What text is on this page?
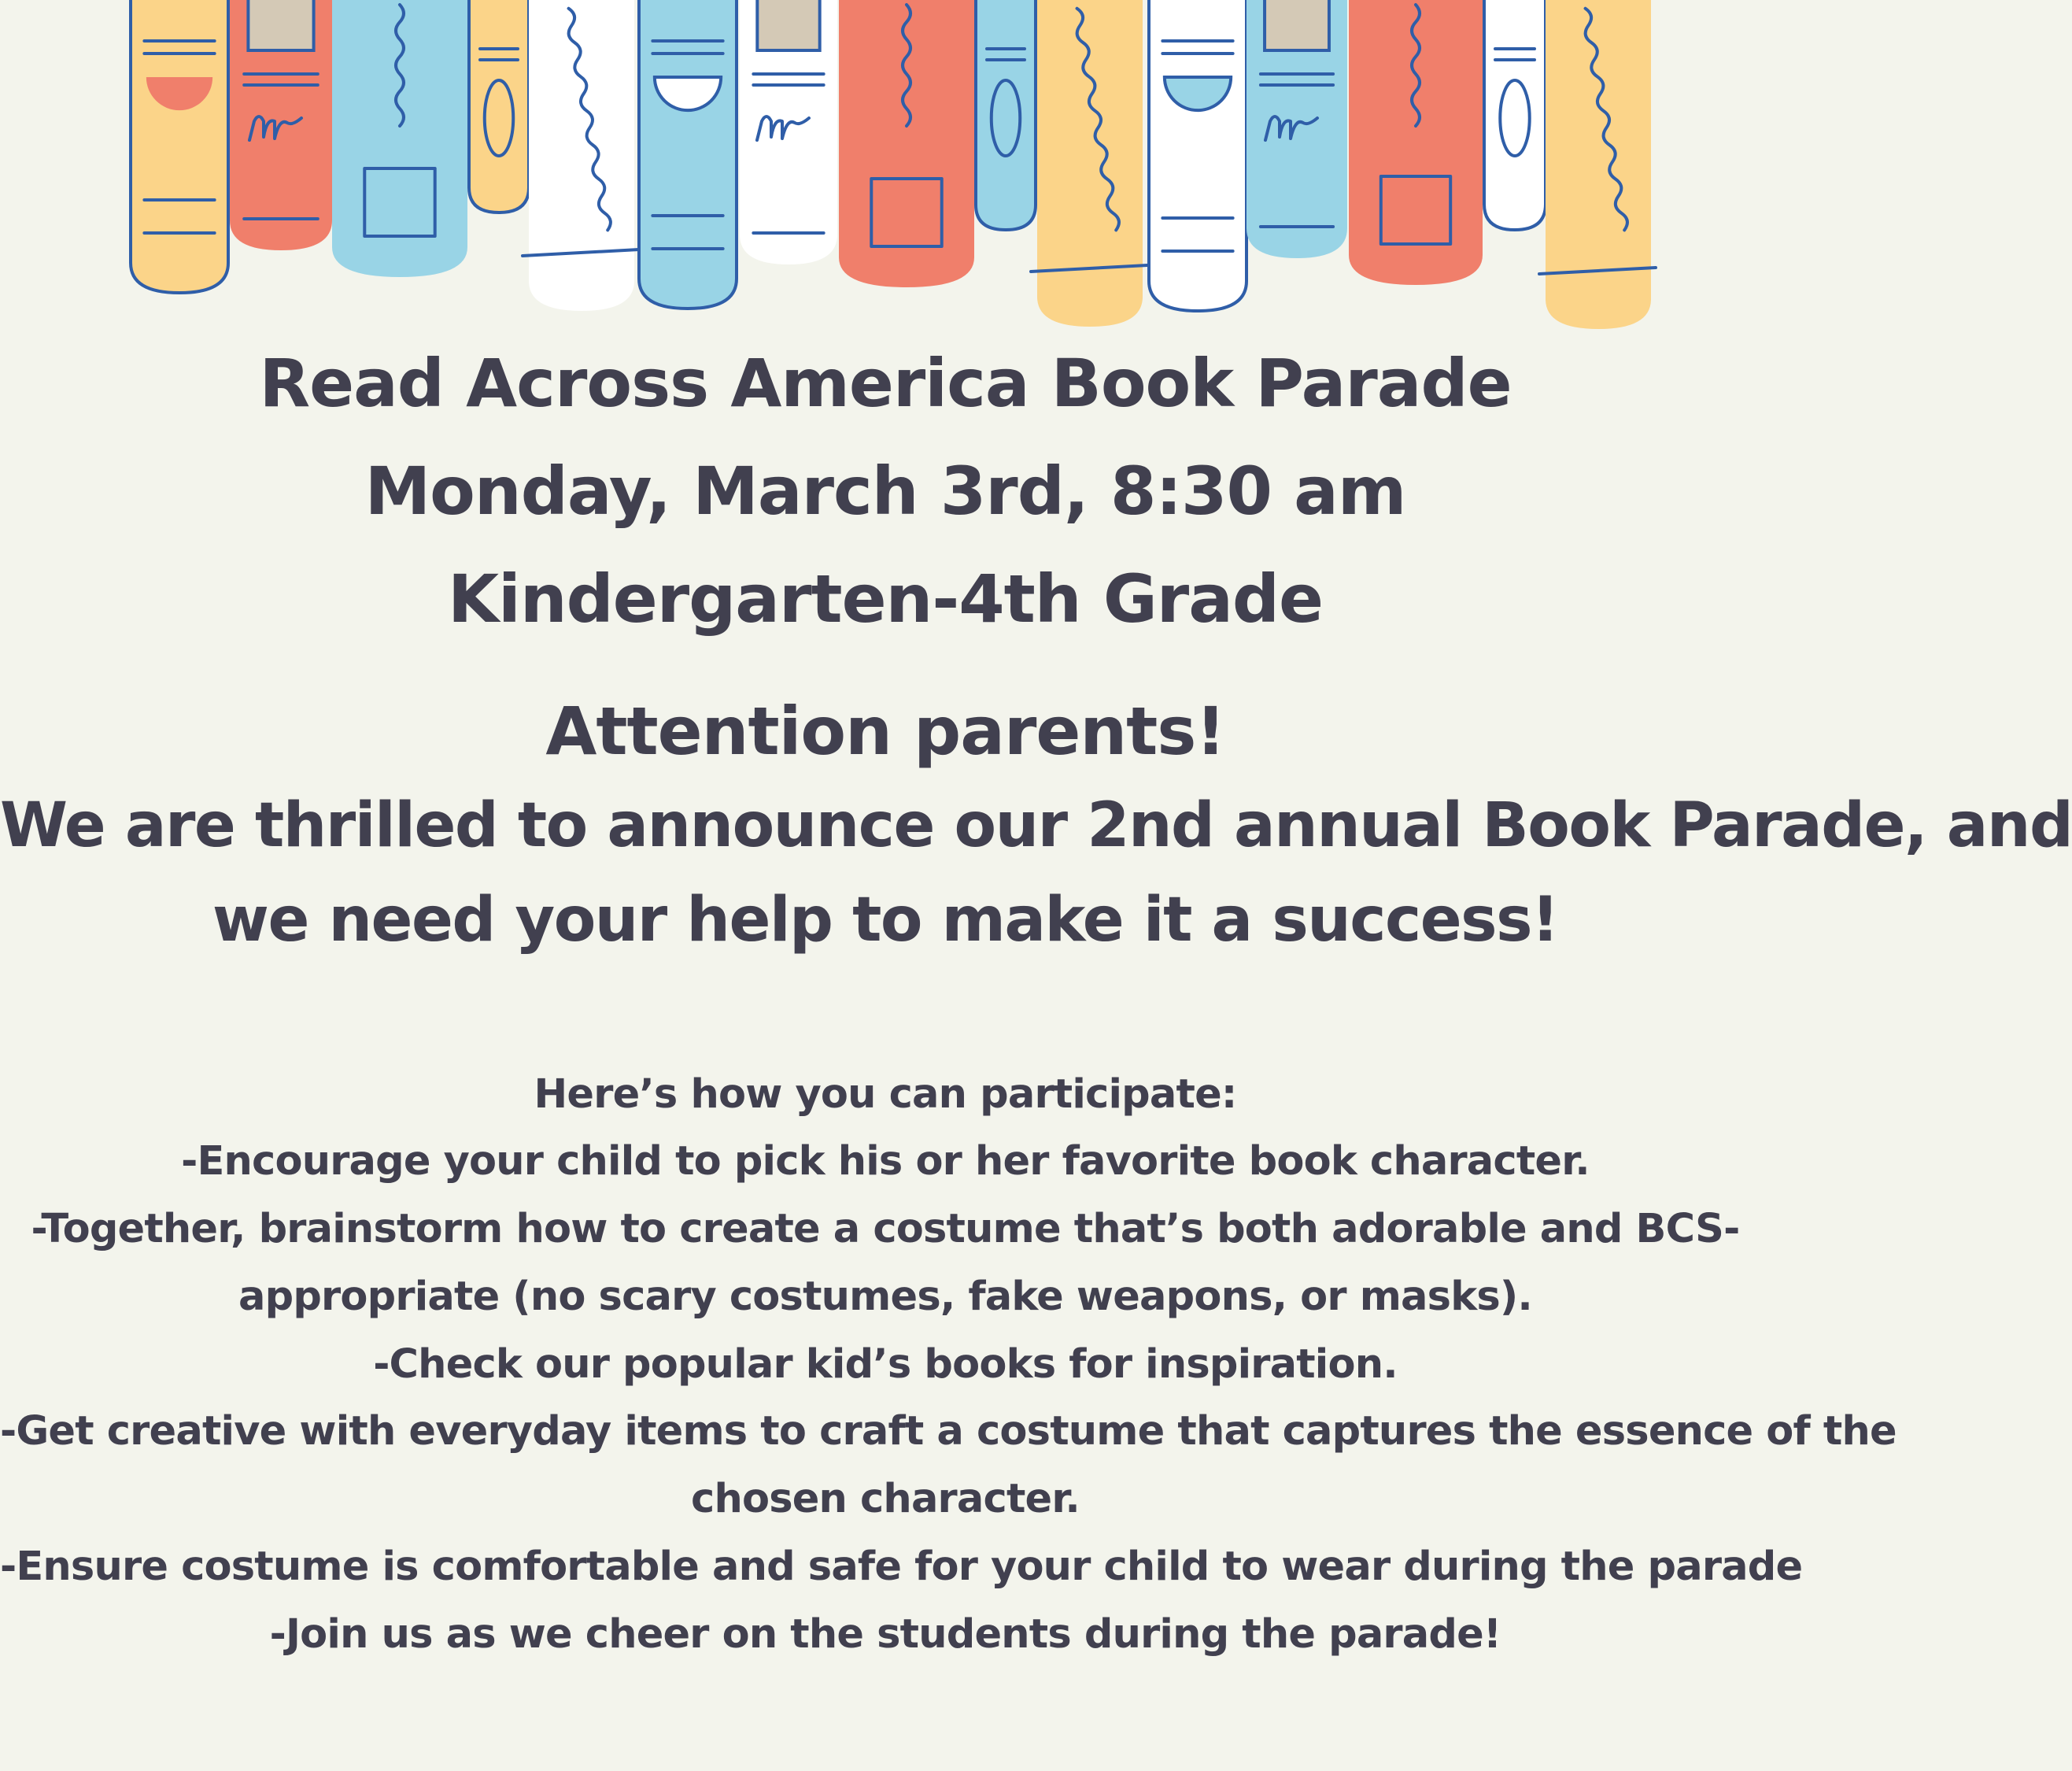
Read Across America Book Parade
Monday, March 3rd, 8:30 am
Kindergarten-4th Grade
Attention parents!
We are thrilled to announce our 2nd annual Book Parade, and
we need your help to make it a success!
Here’s how you can participate:
-Encourage your child to pick his or her favorite book character.
-Together, brainstorm how to create a costume that’s both adorable and BCS-
appropriate (no scary costumes, fake weapons, or masks).
-Check our popular kid’s books for inspiration.
-Get creative with everyday items to craft a costume that captures the essence of the
chosen character.
-Ensure costume is comfortable and safe for your child to wear during the parade
-Join us as we cheer on the students during the parade!
